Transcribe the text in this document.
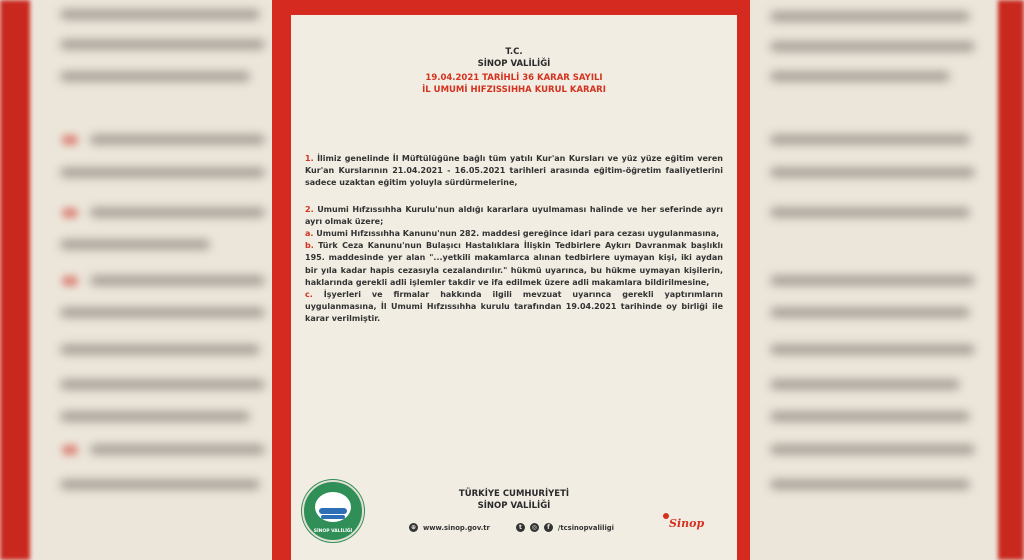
T.C.
SİNOP VALİLİĞİ
19.04.2021 TARİHLİ 36 KARAR SAYILI
İL UMUMİ HIFZISSIHHA KURUL KARARI

1. İlimiz genelinde İl Müftülüğüne bağlı tüm yatılı Kur'an Kursları ve yüz yüze eğitim veren Kur'an Kurslarının 21.04.2021 - 16.05.2021 tarihleri arasında eğitim-öğretim faaliyetlerini sadece uzaktan eğitim yoluyla sürdürmelerine,

2. Umumi Hıfzıssıhha Kurulu'nun aldığı kararlara uyulmaması halinde ve her seferinde ayrı ayrı olmak üzere;

a. Umumi Hıfzıssıhha Kanunu'nun 282. maddesi gereğince idari para cezası uygulanmasına,

b. Türk Ceza Kanunu'nun Bulaşıcı Hastalıklara İlişkin Tedbirlere Aykırı Davranmak başlıklı 195. maddesinde yer alan "...yetkili makamlarca alınan tedbirlere uymayan kişi, iki aydan bir yıla kadar hapis cezasıyla cezalandırılır." hükmü uyarınca, bu hükme uymayan kişilerin, haklarında gerekli adli işlemler takdir ve ifa edilmek üzere adli makamlara bildirilmesine,

c. İşyerleri ve firmalar hakkında ilgili mevzuat uyarınca gerekli yaptırımların uygulanmasına, İl Umumi Hıfzıssıhha kurulu tarafından 19.04.2021 tarihinde oy birliği ile karar verilmiştir.

SİNOP VALİLİĞİ
TÜRKİYE CUMHURİYETİ
SİNOP VALİLİĞİ
⊕ www.sinop.gov.tr	t	◎	f	/tcsinopvaliligi	Sinop
